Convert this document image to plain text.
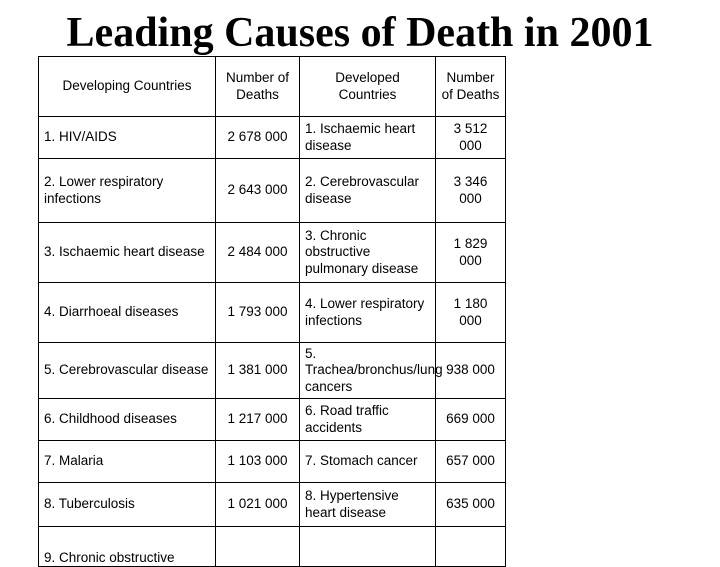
Leading Causes of Death in 2001
Developing Countries	Number of Deaths	Developed Countries	Number of Deaths
1. HIV/AIDS	2 678 000	1. Ischaemic heart disease	3 512 000
2. Lower respiratory infections	2 643 000	2. Cerebrovascular disease	3 346 000
3. Ischaemic heart disease	2 484 000	3. Chronic obstructive pulmonary disease	1 829 000
4. Diarrhoeal diseases	1 793 000	4. Lower respiratory infections	1 180 000
5. Cerebrovascular disease	1 381 000	5. Trachea/bronchus/lung cancers	938 000
6. Childhood diseases	1 217 000	6. Road traffic accidents	669 000
7. Malaria	1 103 000	7. Stomach cancer	657 000
8. Tuberculosis	1 021 000	8. Hypertensive heart disease	635 000
9. Chronic obstructive			
